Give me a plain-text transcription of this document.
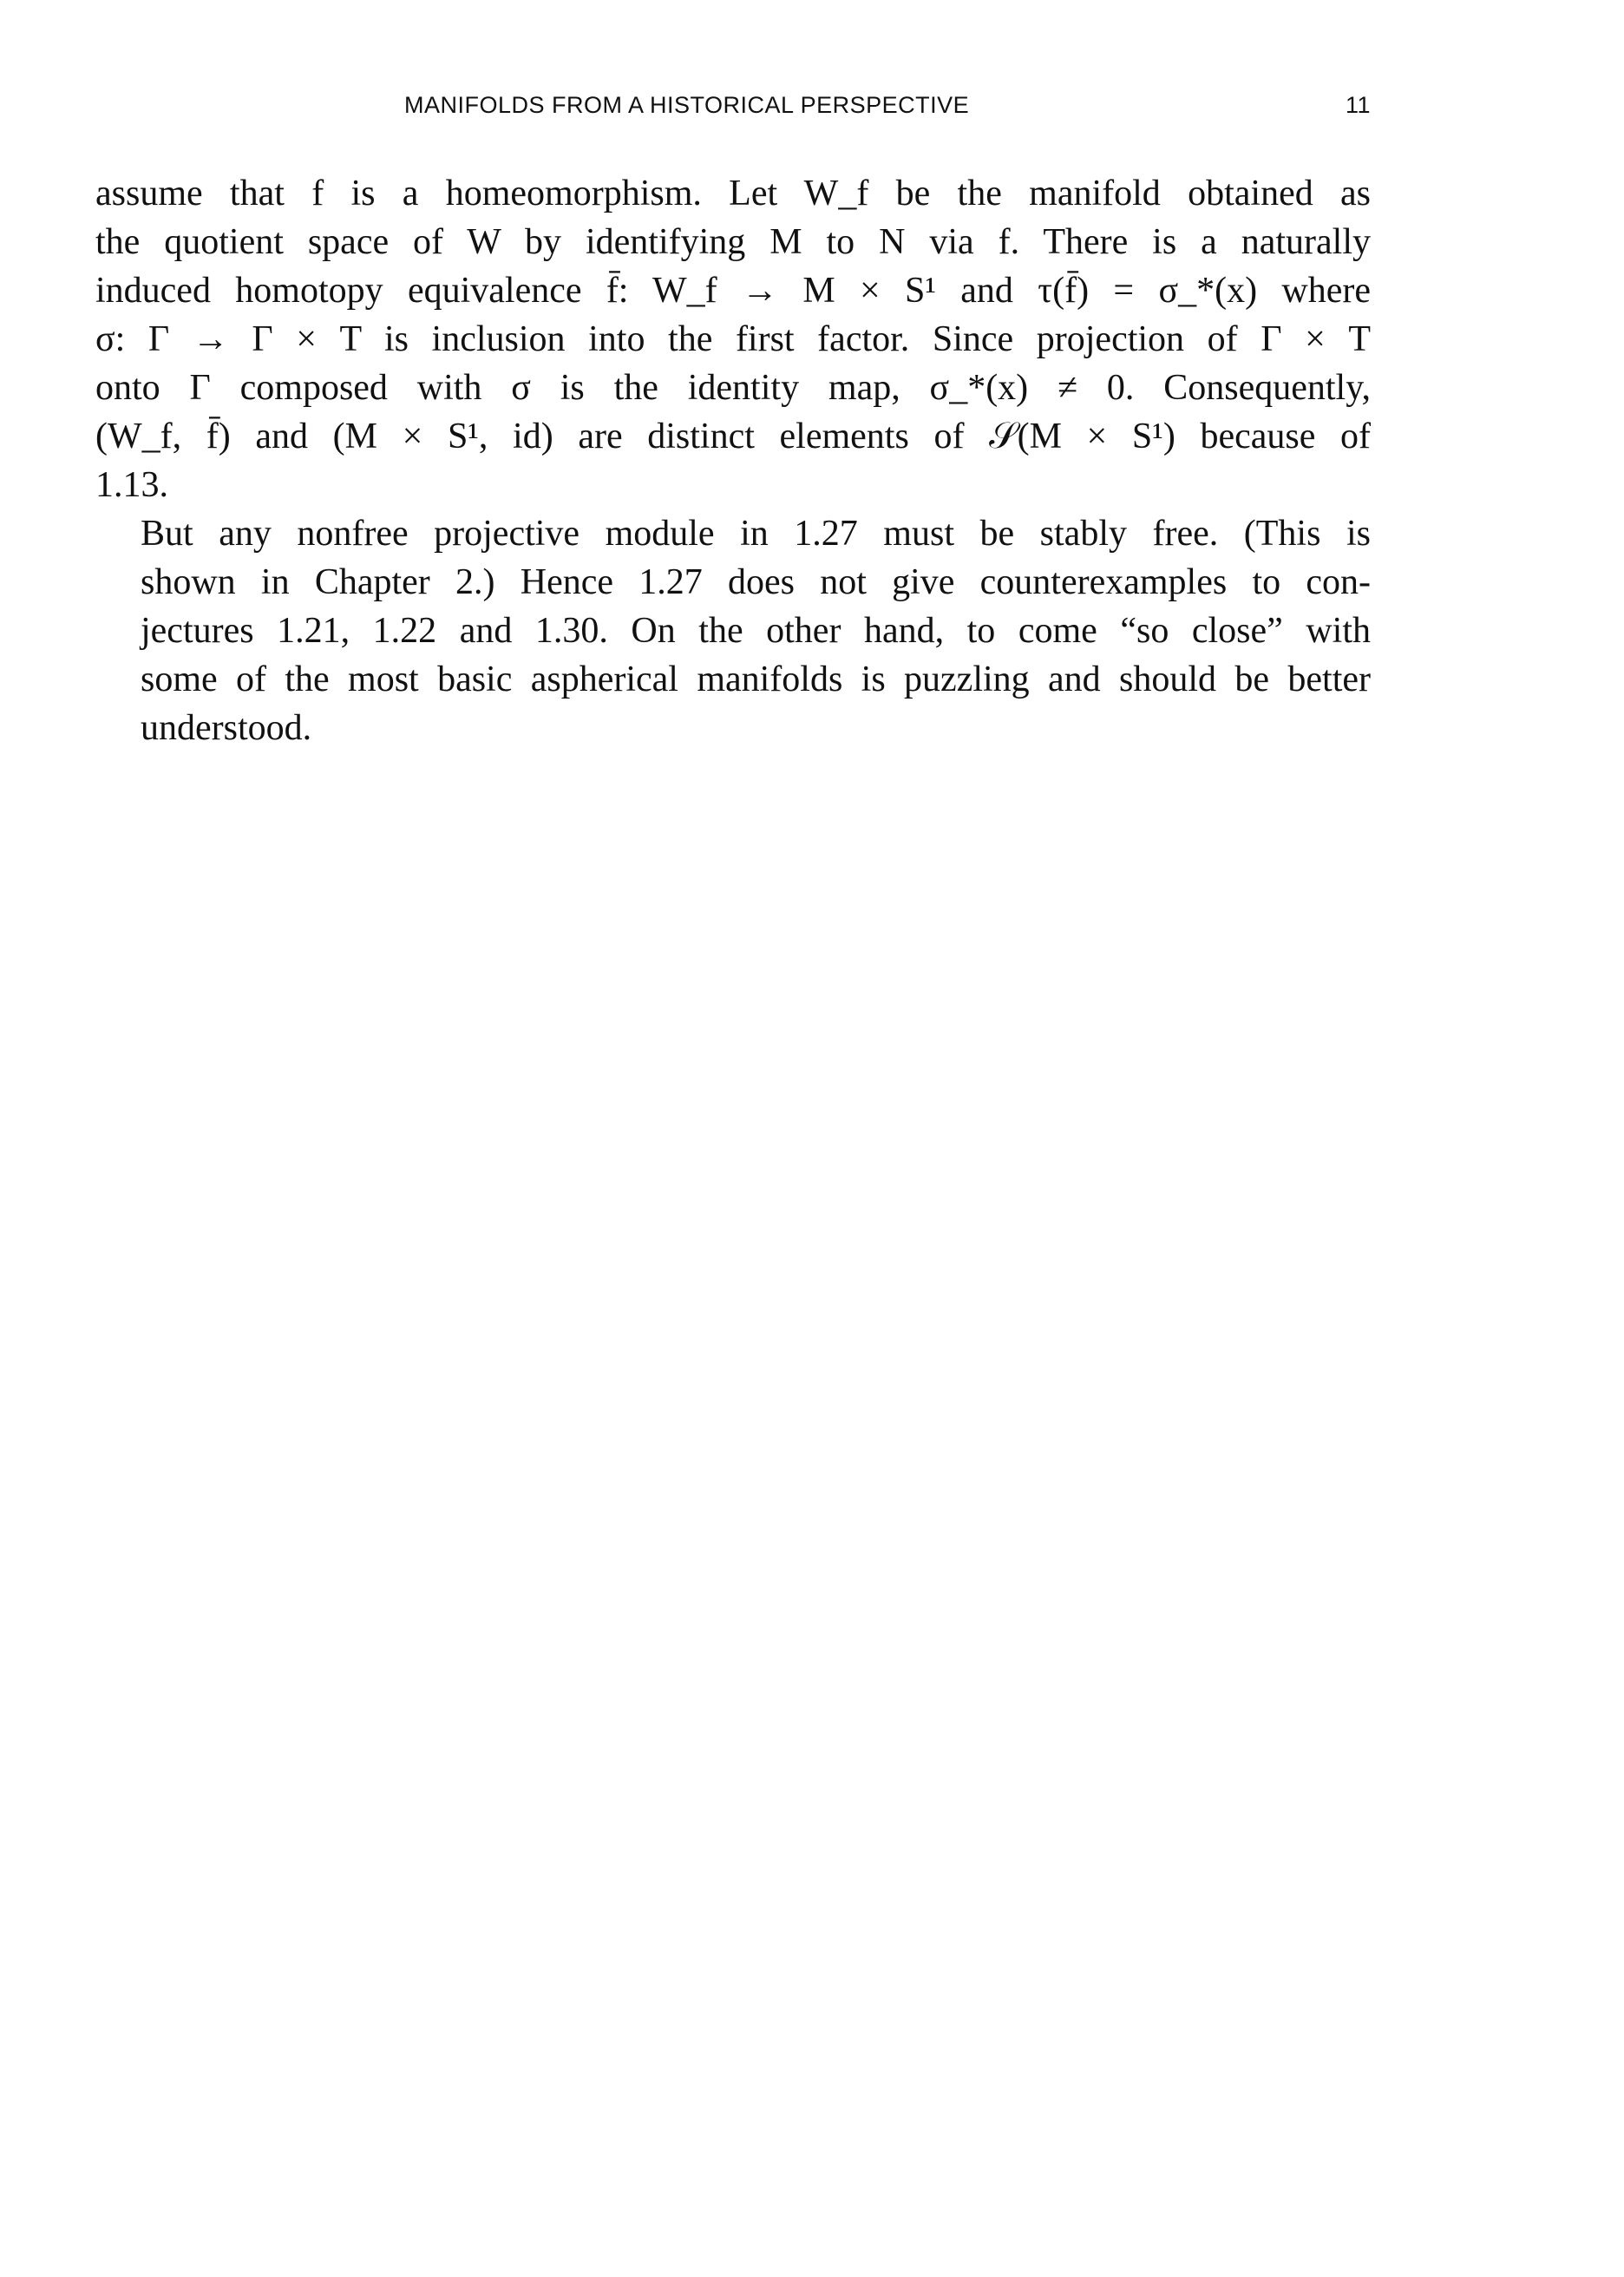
MANIFOLDS FROM A HISTORICAL PERSPECTIVE	11

assume that f is a homeomorphism. Let W_f be the manifold obtained as
the quotient space of W by identifying M to N via f. There is a naturally
induced homotopy equivalence f̄: W_f → M × S¹ and τ(f̄) = σ_*(x) where
σ: Γ → Γ × T is inclusion into the first factor. Since projection of Γ × T
onto Γ composed with σ is the identity map, σ_*(x) ≠ 0. Consequently,
(W_f, f̄) and (M × S¹, id) are distinct elements of 𝒮(M × S¹) because of
1.13.

But any nonfree projective module in 1.27 must be stably free. (This is
shown in Chapter 2.) Hence 1.27 does not give counterexamples to con-
jectures 1.21, 1.22 and 1.30. On the other hand, to come “so close” with
some of the most basic aspherical manifolds is puzzling and should be better
understood.
